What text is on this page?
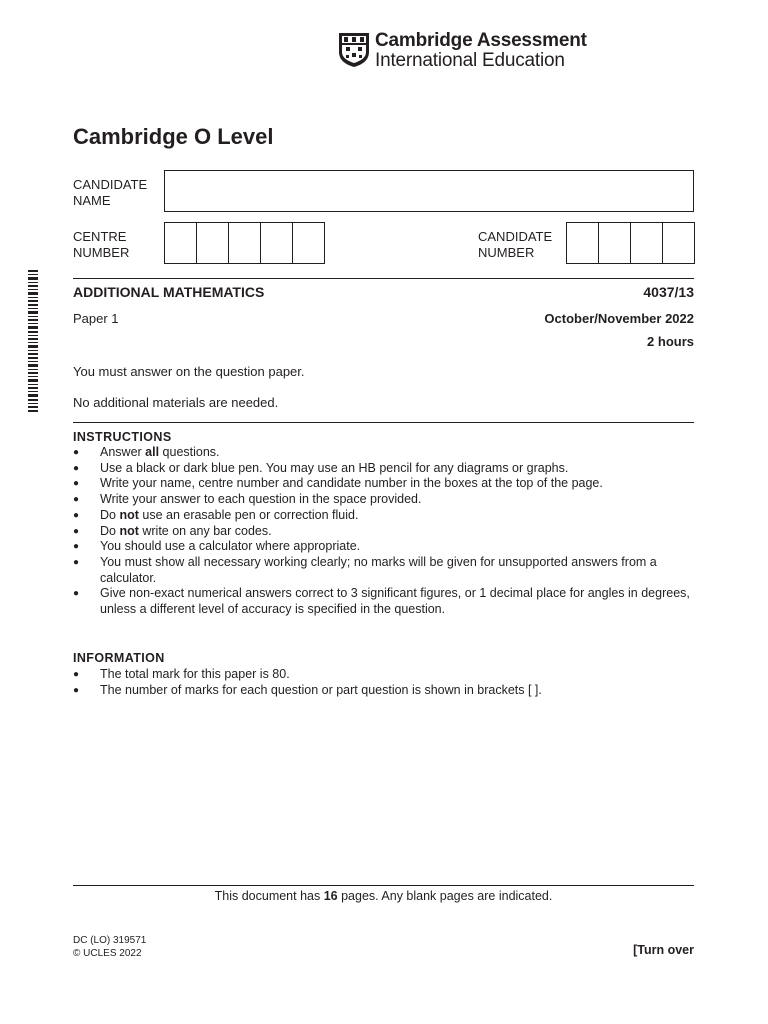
Cambridge Assessment
International Education
Cambridge O Level
CANDIDATE
NAME
CENTRE
NUMBER
CANDIDATE
NUMBER
ADDITIONAL MATHEMATICS	4037/13
Paper 1	October/November 2022
2 hours
You must answer on the question paper.
No additional materials are needed.
INSTRUCTIONS
● Answer all questions.
● Use a black or dark blue pen. You may use an HB pencil for any diagrams or graphs.
● Write your name, centre number and candidate number in the boxes at the top of the page.
● Write your answer to each question in the space provided.
● Do not use an erasable pen or correction fluid.
● Do not write on any bar codes.
● You should use a calculator where appropriate.
● You must show all necessary working clearly; no marks will be given for unsupported answers from a calculator.
● Give non-exact numerical answers correct to 3 significant figures, or 1 decimal place for angles in degrees, unless a different level of accuracy is specified in the question.
INFORMATION
● The total mark for this paper is 80.
● The number of marks for each question or part question is shown in brackets [ ].
This document has 16 pages. Any blank pages are indicated.
DC (LO) 319571
© UCLES 2022	[Turn over
